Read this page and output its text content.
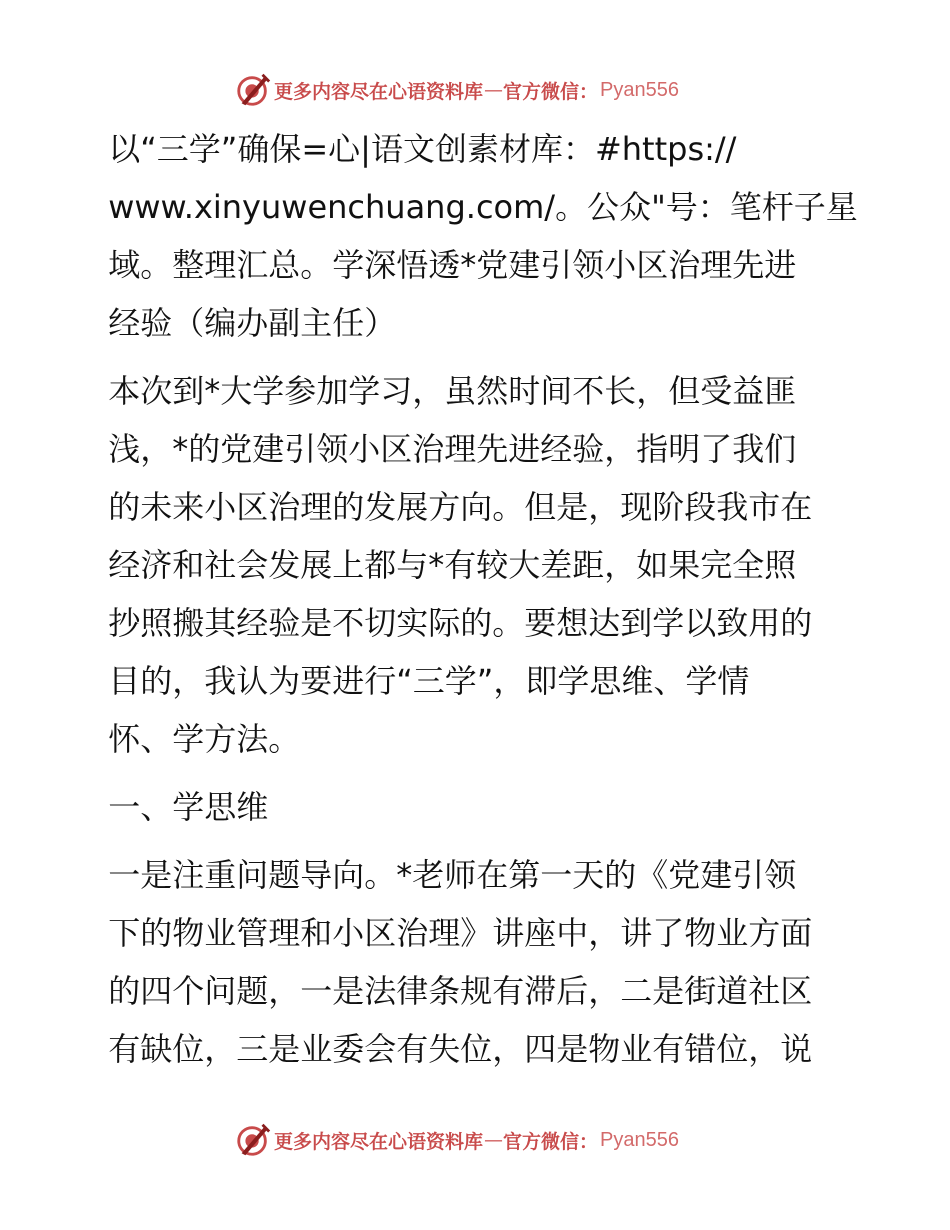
更多内容尽在心语资料库 — 官方微信： Pyan556

以“三学”确保=心|语文创素材库：#https://
www.xinyuwenchuang.com/。公众"号：笔杆子星
域。整理汇总。学深悟透*党建引领小区治理先进
经验（编办副主任）

本次到*大学参加学习，虽然时间不长，但受益匪
浅，*的党建引领小区治理先进经验，指明了我们
的未来小区治理的发展方向。但是，现阶段我市在
经济和社会发展上都与*有较大差距，如果完全照
抄照搬其经验是不切实际的。要想达到学以致用的
目的，我认为要进行“三学”，即学思维、学情
怀、学方法。

一、学思维

一是注重问题导向。*老师在第一天的《党建引领
下的物业管理和小区治理》讲座中，讲了物业方面
的四个问题，一是法律条规有滞后，二是街道社区
有缺位，三是业委会有失位，四是物业有错位，说

更多内容尽在心语资料库 — 官方微信： Pyan556
